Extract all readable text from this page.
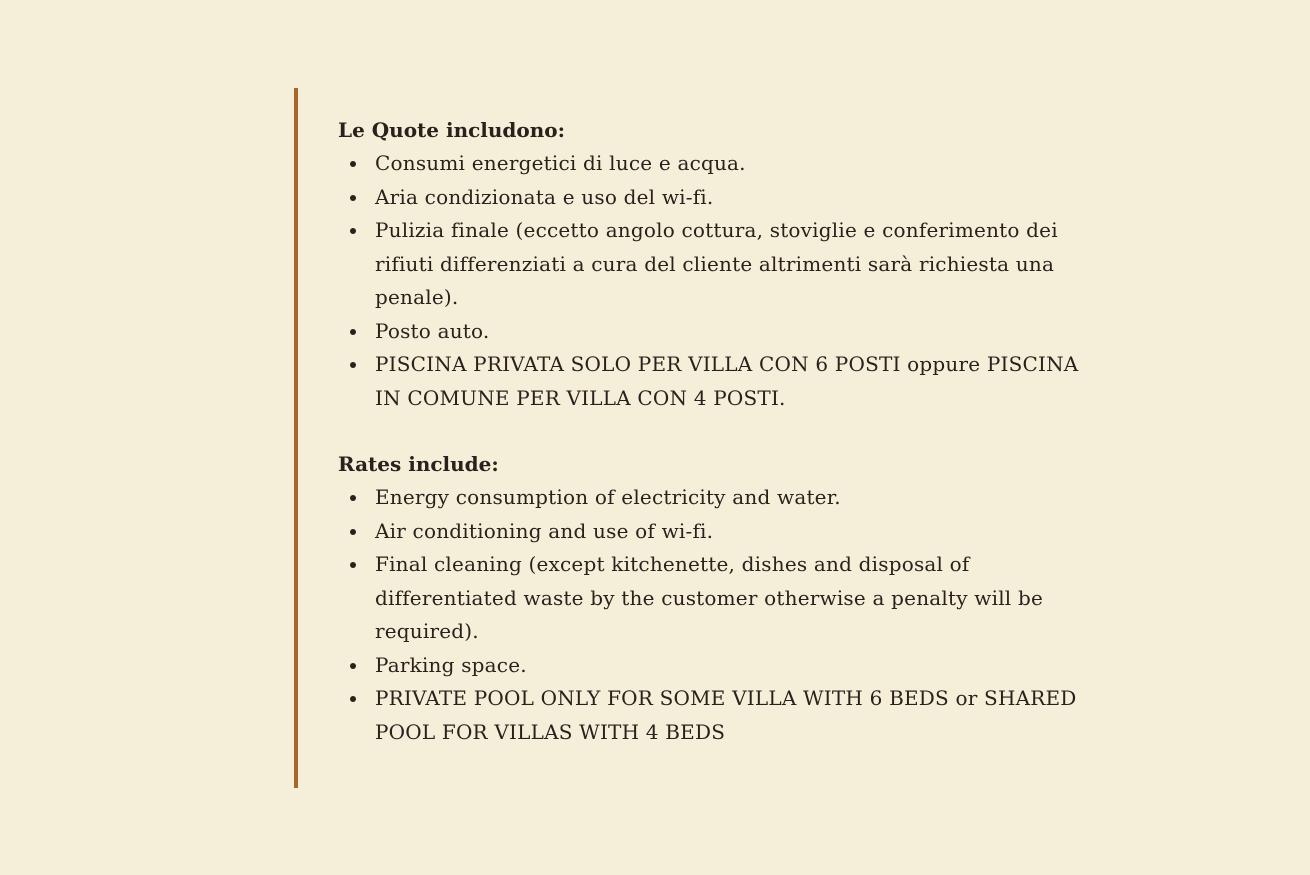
Le Quote includono:

Consumi energetici di luce e acqua.
Aria condizionata e uso del wi-fi.
Pulizia finale (eccetto angolo cottura, stoviglie e conferimento dei rifiuti differenziati a cura del cliente altrimenti sarà richiesta una penale).
Posto auto.
PISCINA PRIVATA SOLO PER VILLA CON 6 POSTI oppure PISCINA IN COMUNE PER VILLA CON 4 POSTI.

Rates include:

Energy consumption of electricity and water.
Air conditioning and use of wi-fi.
Final cleaning (except kitchenette, dishes and disposal of differentiated waste by the customer otherwise a penalty will be required).
Parking space.
PRIVATE POOL ONLY FOR SOME VILLA WITH 6 BEDS or SHARED POOL FOR VILLAS WITH 4 BEDS
